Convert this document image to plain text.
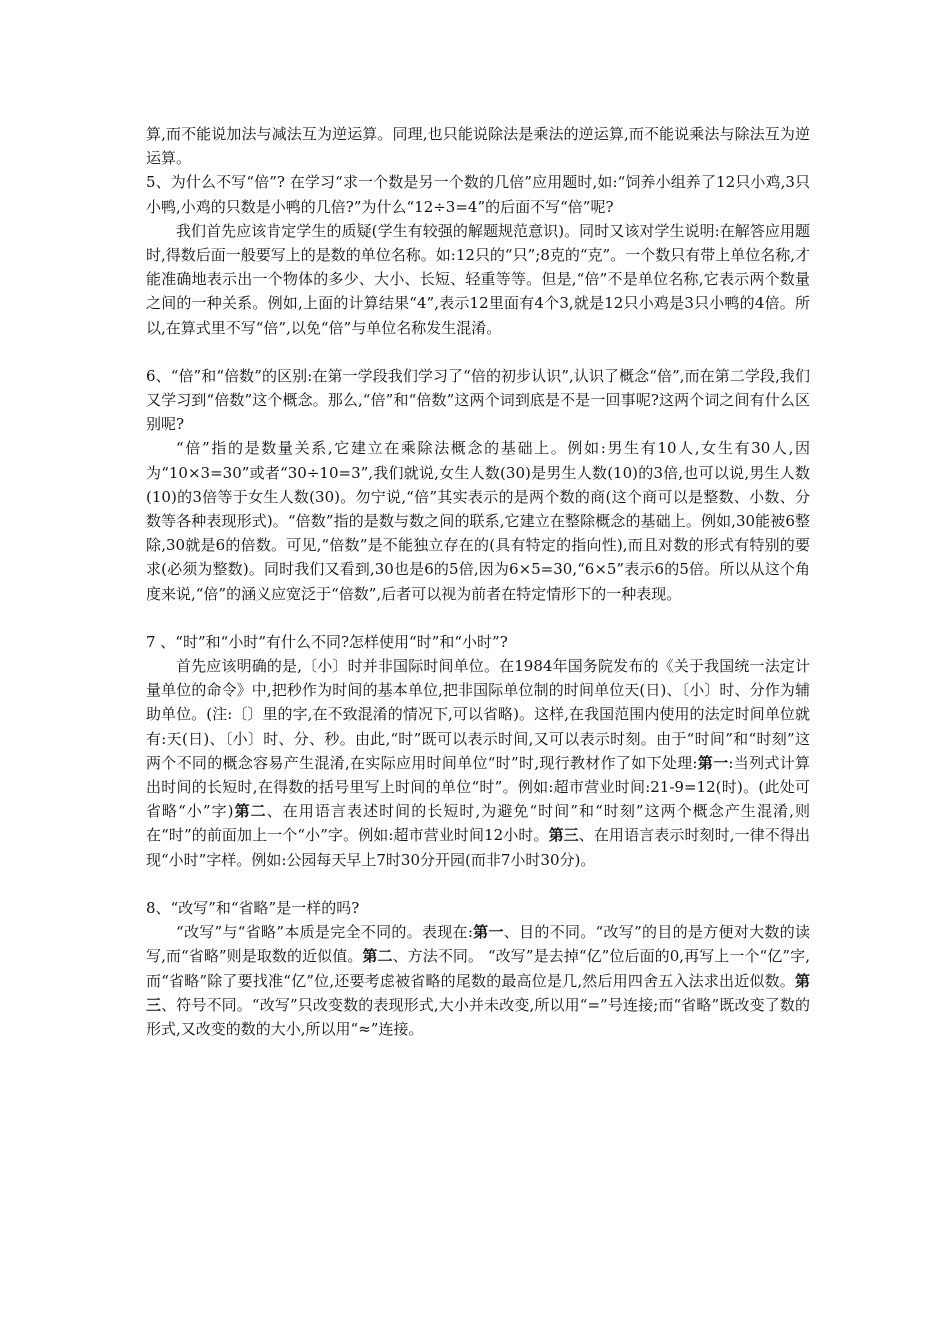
算,而不能说加法与减法互为逆运算。同理,也只能说除法是乘法的逆运算,而不能说乘法与除法互为逆运算。

5、为什么不写“倍”? 在学习“求一个数是另一个数的几倍”应用题时,如:“饲养小组养了12只小鸡,3只小鸭,小鸡的只数是小鸭的几倍?”为什么“12÷3=4”的后面不写“倍”呢?

我们首先应该肯定学生的质疑(学生有较强的解题规范意识)。同时又该对学生说明:在解答应用题时,得数后面一般要写上的是数的单位名称。如:12只的“只”;8克的“克”。一个数只有带上单位名称,才能准确地表示出一个物体的多少、大小、长短、轻重等等。但是,“倍”不是单位名称,它表示两个数量之间的一种关系。例如,上面的计算结果“4”,表示12里面有4个3,就是12只小鸡是3只小鸭的4倍。所以,在算式里不写“倍”,以免“倍”与单位名称发生混淆。

6、“倍”和“倍数”的区别:在第一学段我们学习了“倍的初步认识”,认识了概念“倍”,而在第二学段,我们又学习到“倍数”这个概念。那么,“倍”和“倍数”这两个词到底是不是一回事呢?这两个词之间有什么区别呢?

“倍”指的是数量关系,它建立在乘除法概念的基础上。例如:男生有10人,女生有30人,因为“10×3=30”或者“30÷10=3”,我们就说,女生人数(30)是男生人数(10)的3倍,也可以说,男生人数(10)的3倍等于女生人数(30)。勿宁说,“倍”其实表示的是两个数的商(这个商可以是整数、小数、分数等各种表现形式)。“倍数”指的是数与数之间的联系,它建立在整除概念的基础上。例如,30能被6整除,30就是6的倍数。可见,“倍数”是不能独立存在的(具有特定的指向性),而且对数的形式有特别的要求(必须为整数)。同时我们又看到,30也是6的5倍,因为6×5=30,“6×5”表示6的5倍。所以从这个角度来说,“倍”的涵义应宽泛于“倍数”,后者可以视为前者在特定情形下的一种表现。

7 、“时”和“小时”有什么不同?怎样使用“时”和“小时”?

首先应该明确的是,〔小〕时并非国际时间单位。在1984年国务院发布的《关于我国统一法定计量单位的命令》中,把秒作为时间的基本单位,把非国际单位制的时间单位天(日)、〔小〕时、分作为辅助单位。(注:〔〕里的字,在不致混淆的情况下,可以省略)。这样,在我国范围内使用的法定时间单位就有:天(日)、〔小〕时、分、秒。由此,“时”既可以表示时间,又可以表示时刻。由于“时间”和“时刻”这两个不同的概念容易产生混淆,在实际应用时间单位“时”时,现行教材作了如下处理:第一:当列式计算出时间的长短时,在得数的括号里写上时间的单位“时”。例如:超市营业时间:21-9=12(时)。(此处可省略“小”字)第二、在用语言表述时间的长短时,为避免“时间”和“时刻”这两个概念产生混淆,则在“时”的前面加上一个“小”字。例如:超市营业时间12小时。第三、在用语言表示时刻时,一律不得出现“小时”字样。例如:公园每天早上7时30分开园(而非7小时30分)。

8、“改写”和“省略”是一样的吗?

“改写”与“省略”本质是完全不同的。表现在:第一、目的不同。“改写”的目的是方便对大数的读写,而“省略”则是取数的近似值。第二、方法不同。 “改写”是去掉“亿”位后面的0,再写上一个“亿”字,而“省略”除了要找准“亿”位,还要考虑被省略的尾数的最高位是几,然后用四舍五入法求出近似数。第三、符号不同。“改写”只改变数的表现形式,大小并未改变,所以用“=”号连接;而“省略”既改变了数的形式,又改变的数的大小,所以用“≈”连接。
